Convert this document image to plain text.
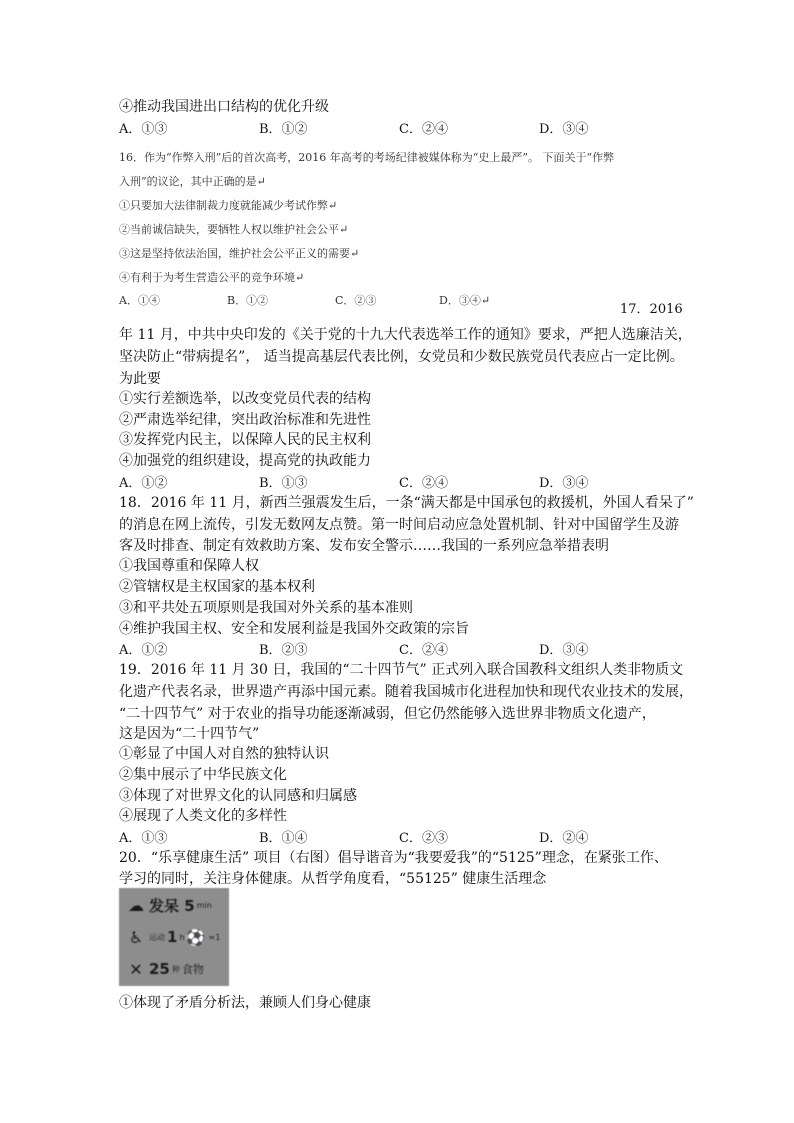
④推动我国进出口结构的优化升级
A．①③	B．①②	C．②④	D．③④
16．作为“作弊入刑”后的首次高考，2016 年高考的考场纪律被媒体称为“史上最严”。 下面关于“作弊
入刑”的议论，其中正确的是↵
①只要加大法律制裁力度就能减少考试作弊↵
②当前诚信缺失，要牺牲人权以维护社会公平↵
③这是坚持依法治国，维护社会公平正义的需要↵
④有利于为考生营造公平的竞争环境↵
A．①④	B．①②	C．②③	D．③④↵
17．2016
年 11 月，中共中央印发的《关于党的十九大代表选举工作的通知》要求，严把人选廉洁关，
坚决防止“带病提名”， 适当提高基层代表比例，女党员和少数民族党员代表应占一定比例。
为此要
①实行差额选举，以改变党员代表的结构
②严肃选举纪律，突出政治标准和先进性
③发挥党内民主，以保障人民的民主权利
④加强党的组织建设，提高党的执政能力
A．①②	B．①③	C．②④	D．③④
18．2016 年 11 月，新西兰强震发生后，一条“满天都是中国承包的救援机，外国人看呆了”
的消息在网上流传，引发无数网友点赞。第一时间启动应急处置机制、针对中国留学生及游
客及时排查、制定有效救助方案、发布安全警示……我国的一系列应急举措表明
①我国尊重和保障人权
②管辖权是主权国家的基本权利
③和平共处五项原则是我国对外关系的基本准则
④维护我国主权、安全和发展利益是我国外交政策的宗旨
A．①②	B．②③	C．②④	D．③④
19．2016 年 11 月 30 日，我国的“二十四节气” 正式列入联合国教科文组织人类非物质文
化遗产代表名录，世界遗产再添中国元素。随着我国城市化进程加快和现代农业技术的发展，
“二十四节气” 对于农业的指导功能逐渐减弱，但它仍然能够入选世界非物质文化遗产，
这是因为“二十四节气”
①彰显了中国人对自然的独特认识
②集中展示了中华民族文化
③体现了对世界文化的认同感和归属感
④展现了人类文化的多样性
A．①③	B．①④	C．②③	D．②④
20．“乐享健康生活” 项目（右图）倡导谐音为“我要爱我”的“5125”理念，在紧张工作、
学习的同时，关注身体健康。从哲学角度看，“55125” 健康生活理念
☁ 发呆 5 min
♿ 运动 1 h ⚽ ≈1
✕ 25 种 食物
①体现了矛盾分析法，兼顾人们身心健康
